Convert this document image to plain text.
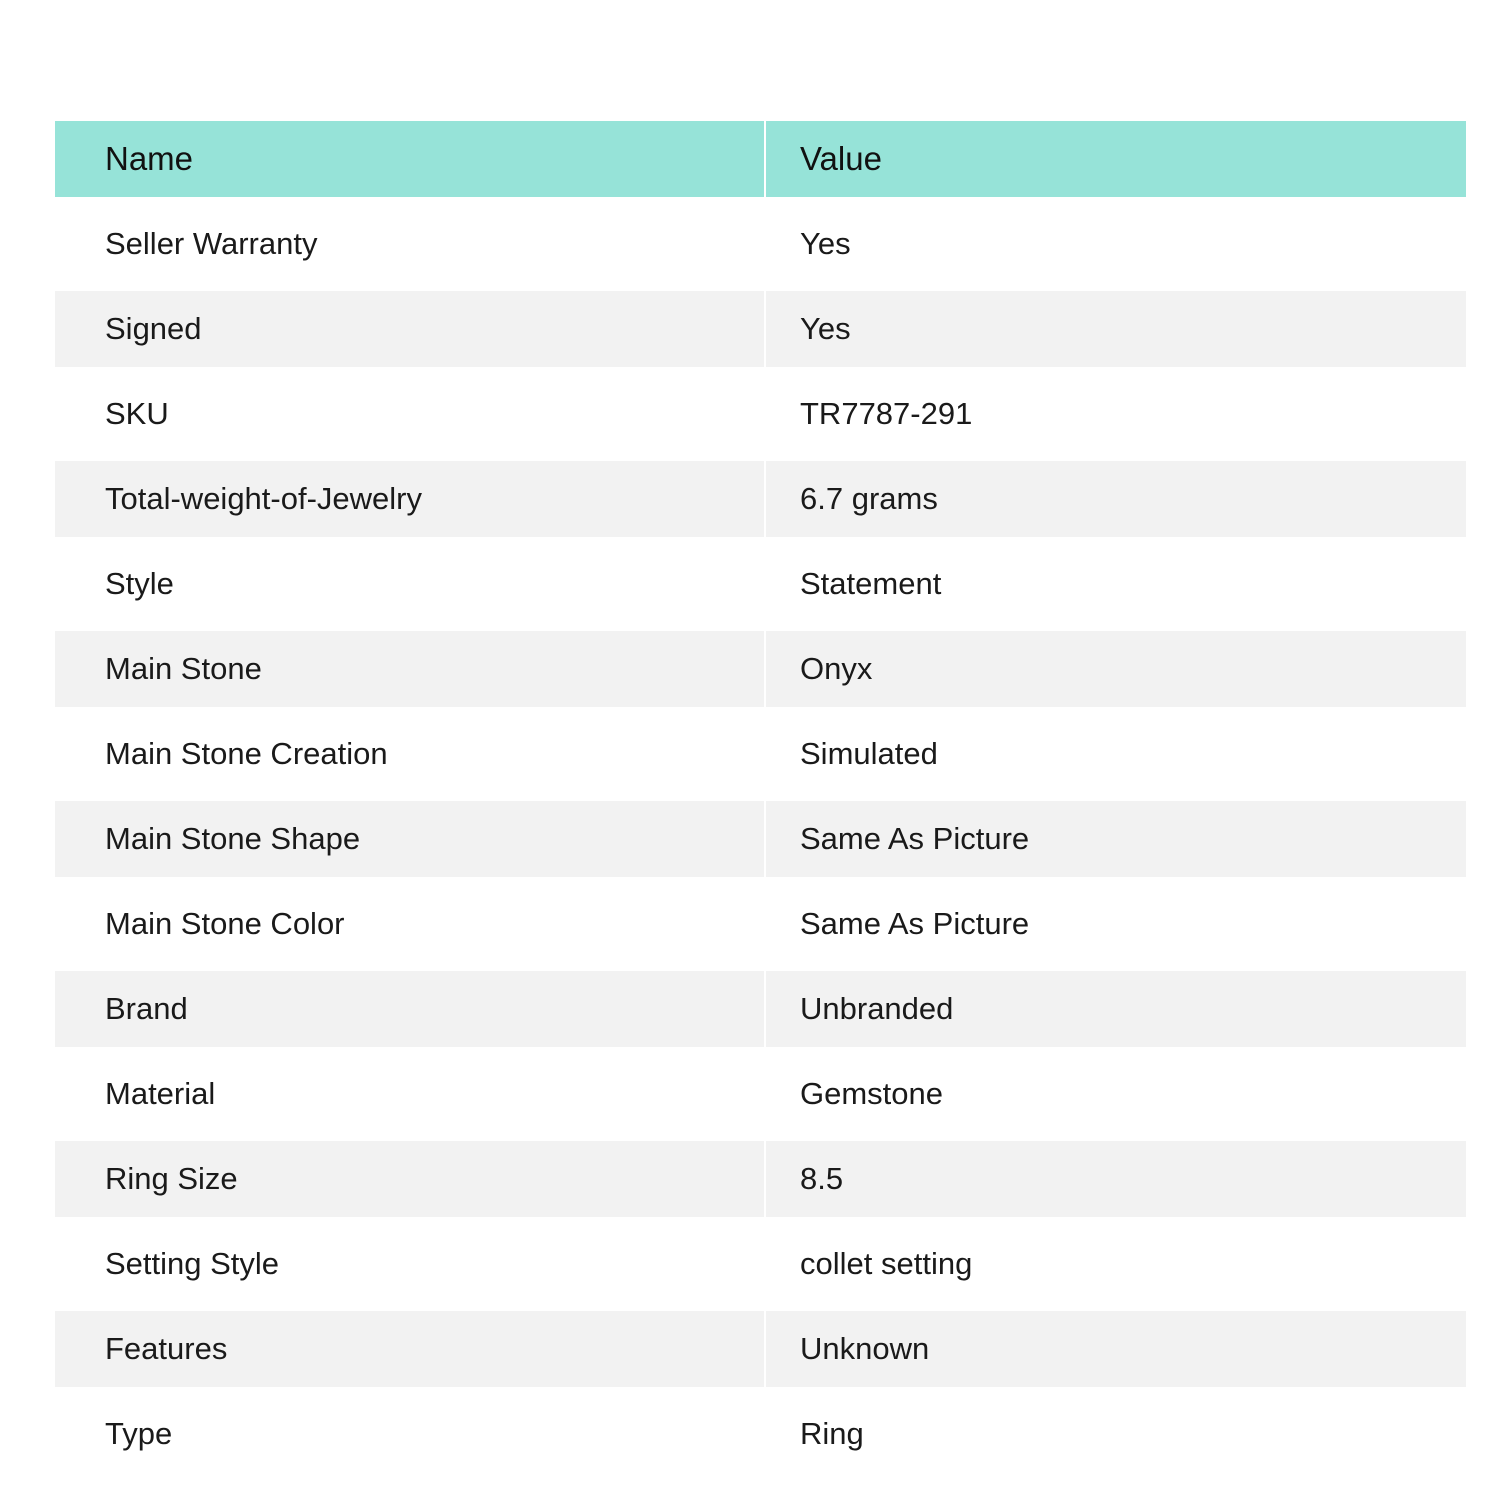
Name	Value
Seller Warranty	Yes
Signed	Yes
SKU	TR7787-291
Total-weight-of-Jewelry	6.7 grams
Style	Statement
Main Stone	Onyx
Main Stone Creation	Simulated
Main Stone Shape	Same As Picture
Main Stone Color	Same As Picture
Brand	Unbranded
Material	Gemstone
Ring Size	8.5
Setting Style	collet setting
Features	Unknown
Type	Ring
